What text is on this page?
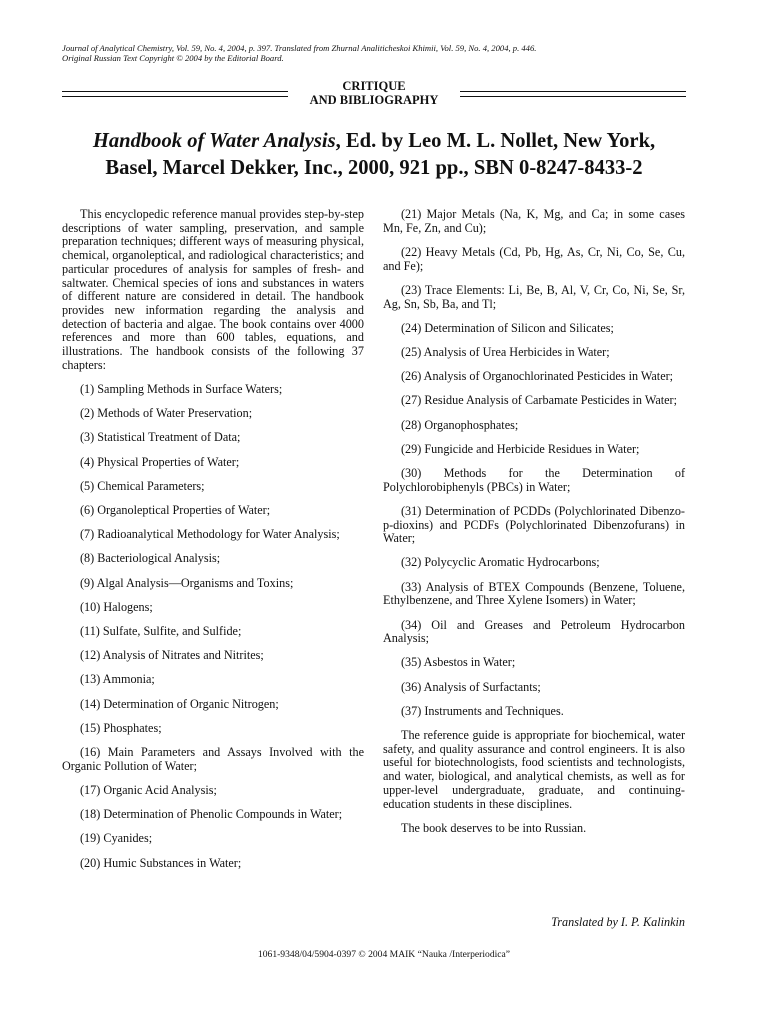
Journal of Analytical Chemistry, Vol. 59, No. 4, 2004, p. 397. Translated from Zhurnal Analiticheskoi Khimii, Vol. 59, No. 4, 2004, p. 446.
Original Russian Text Copyright © 2004 by the Editorial Board.
CRITIQUE
AND BIBLIOGRAPHY
Handbook of Water Analysis, Ed. by Leo M. L. Nollet, New York,
Basel, Marcel Dekker, Inc., 2000, 921 pp., SBN 0-8247-8433-2

This encyclopedic reference manual provides step-by-step descriptions of water sampling, preservation, and sample preparation techniques; different ways of measuring physical, chemical, organoleptical, and radiological characteristics; and particular procedures of analysis for samples of fresh- and saltwater. Chemical species of ions and substances in waters of different nature are considered in detail. The handbook provides new information regarding the analysis and detection of bacteria and algae. The book contains over 4000 references and more than 600 tables, equations, and illustrations. The handbook consists of the following 37 chapters:

(1) Sampling Methods in Surface Waters;

(2) Methods of Water Preservation;

(3) Statistical Treatment of Data;

(4) Physical Properties of Water;

(5) Chemical Parameters;

(6) Organoleptical Properties of Water;

(7) Radioanalytical Methodology for Water Analysis;

(8) Bacteriological Analysis;

(9) Algal Analysis—Organisms and Toxins;

(10) Halogens;

(11) Sulfate, Sulfite, and Sulfide;

(12) Analysis of Nitrates and Nitrites;

(13) Ammonia;

(14) Determination of Organic Nitrogen;

(15) Phosphates;

(16) Main Parameters and Assays Involved with the Organic Pollution of Water;

(17) Organic Acid Analysis;

(18) Determination of Phenolic Compounds in Water;

(19) Cyanides;

(20) Humic Substances in Water;

(21) Major Metals (Na, K, Mg, and Ca; in some cases Mn, Fe, Zn, and Cu);

(22) Heavy Metals (Cd, Pb, Hg, As, Cr, Ni, Co, Se, Cu, and Fe);

(23) Trace Elements: Li, Be, B, Al, V, Cr, Co, Ni, Se, Sr, Ag, Sn, Sb, Ba, and Tl;

(24) Determination of Silicon and Silicates;

(25) Analysis of Urea Herbicides in Water;

(26) Analysis of Organochlorinated Pesticides in Water;

(27) Residue Analysis of Carbamate Pesticides in Water;

(28) Organophosphates;

(29) Fungicide and Herbicide Residues in Water;

(30) Methods for the Determination of Polychlorobiphenyls (PBCs) in Water;

(31) Determination of PCDDs (Polychlorinated Dibenzo-p-dioxins) and PCDFs (Polychlorinated Dibenzofurans) in Water;

(32) Polycyclic Aromatic Hydrocarbons;

(33) Analysis of BTEX Compounds (Benzene, Toluene, Ethylbenzene, and Three Xylene Isomers) in Water;

(34) Oil and Greases and Petroleum Hydrocarbon Analysis;

(35) Asbestos in Water;

(36) Analysis of Surfactants;

(37) Instruments and Techniques.

The reference guide is appropriate for biochemical, water safety, and quality assurance and control engineers. It is also useful for biotechnologists, food scientists and technologists, and water, biological, and analytical chemists, as well as for upper-level undergraduate, graduate, and continuing-education students in these disciplines.

The book deserves to be into Russian.

Translated by I. P. Kalinkin
1061-9348/04/5904-0397 © 2004 MAIK “Nauka /Interperiodica”
